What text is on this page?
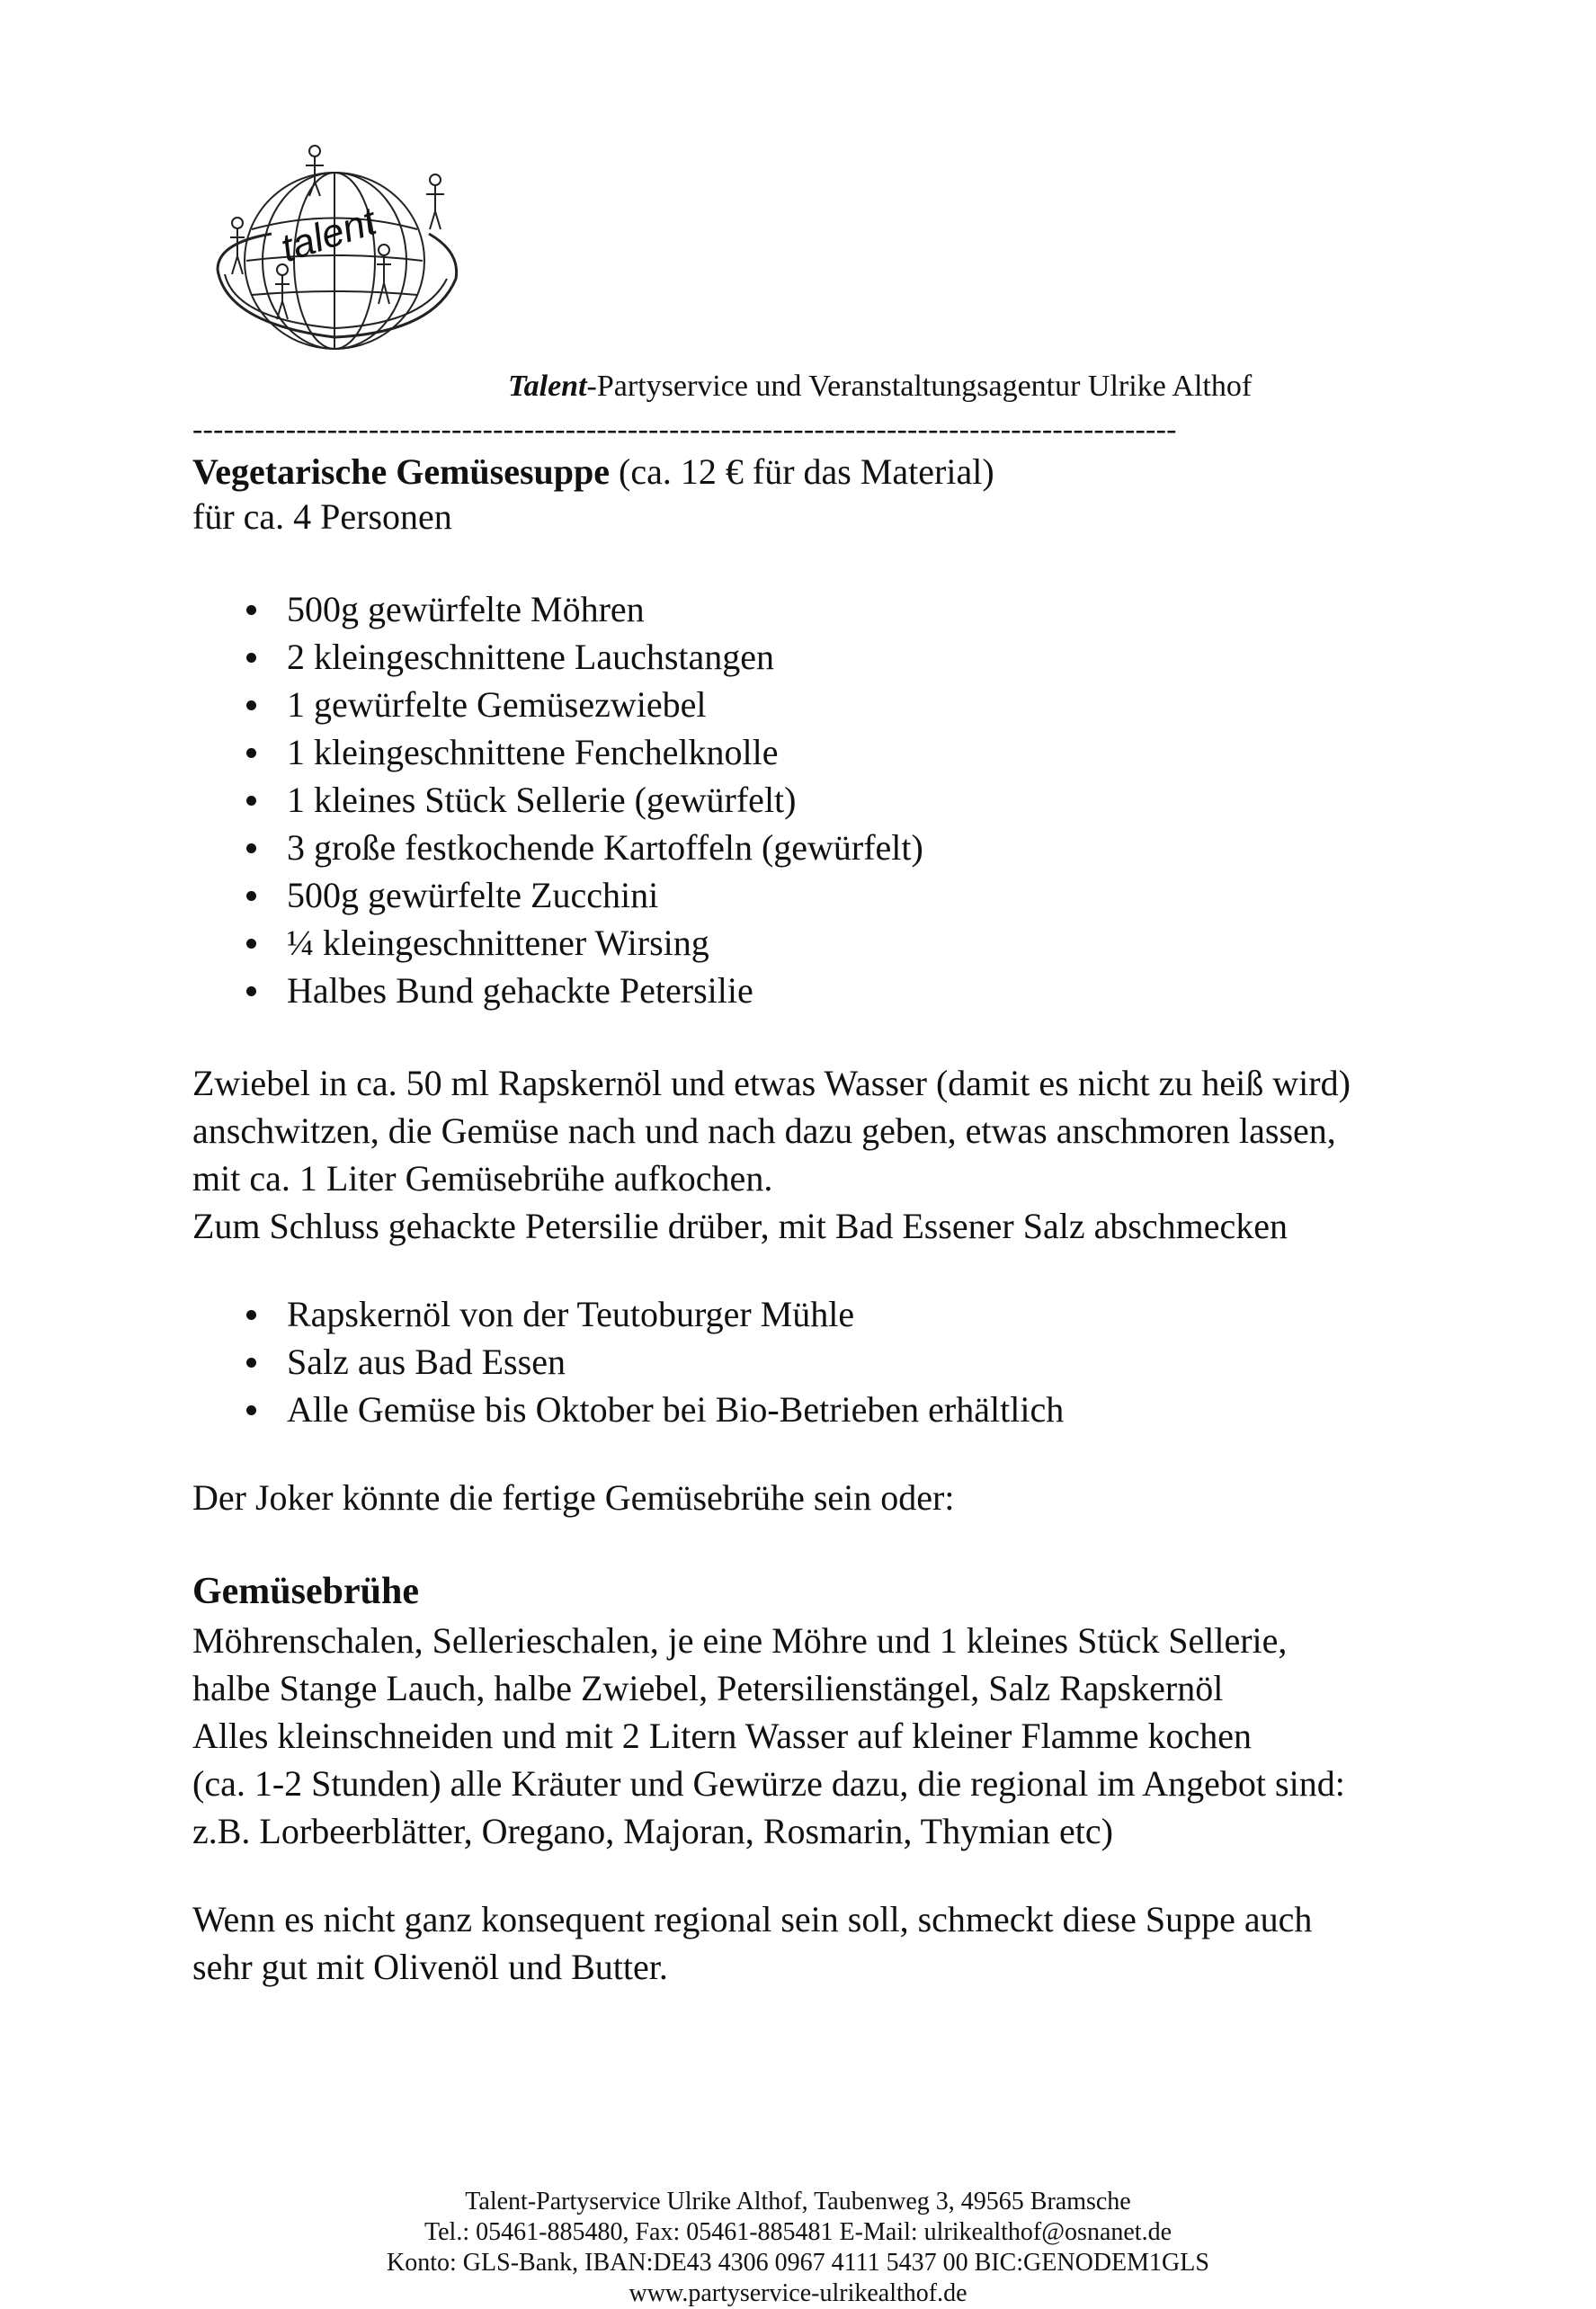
talent
Talent-Partyservice und Veranstaltungsagentur Ulrike Althof
-----------------------------------------------------------------------------------------------
Vegetarische Gemüsesuppe (ca. 12 € für das Material)

für ca. 4 Personen

500g gewürfelte Möhren
2 kleingeschnittene Lauchstangen
1 gewürfelte Gemüsezwiebel
1 kleingeschnittene Fenchelknolle
1 kleines Stück Sellerie (gewürfelt)
3 große festkochende Kartoffeln (gewürfelt)
500g gewürfelte Zucchini
¼ kleingeschnittener Wirsing
Halbes Bund gehackte Petersilie

Zwiebel in ca. 50 ml Rapskernöl und etwas Wasser (damit es nicht zu heiß wird)

anschwitzen, die Gemüse nach und nach dazu geben, etwas anschmoren lassen,

mit ca. 1 Liter Gemüsebrühe aufkochen.

Zum Schluss gehackte Petersilie drüber, mit Bad Essener Salz abschmecken

Rapskernöl von der Teutoburger Mühle
Salz aus Bad Essen
Alle Gemüse bis Oktober bei Bio-Betrieben erhältlich

Der Joker könnte die fertige Gemüsebrühe sein oder:

Gemüsebrühe

Möhrenschalen, Sellerieschalen, je eine Möhre und 1 kleines Stück Sellerie,

halbe Stange Lauch, halbe Zwiebel, Petersilienstängel, Salz Rapskernöl

Alles kleinschneiden und mit 2 Litern Wasser auf kleiner Flamme kochen

(ca. 1-2 Stunden) alle Kräuter und Gewürze dazu, die regional im Angebot sind:

z.B. Lorbeerblätter, Oregano, Majoran, Rosmarin, Thymian etc)

Wenn es nicht ganz konsequent regional sein soll, schmeckt diese Suppe auch

sehr gut mit Olivenöl und Butter.

Talent-Partyservice Ulrike Althof, Taubenweg 3, 49565 Bramsche
Tel.: 05461-885480, Fax: 05461-885481 E-Mail: ulrikealthof@osnanet.de
Konto: GLS-Bank, IBAN:DE43 4306 0967 4111 5437 00 BIC:GENODEM1GLS
www.partyservice-ulrikealthof.de
